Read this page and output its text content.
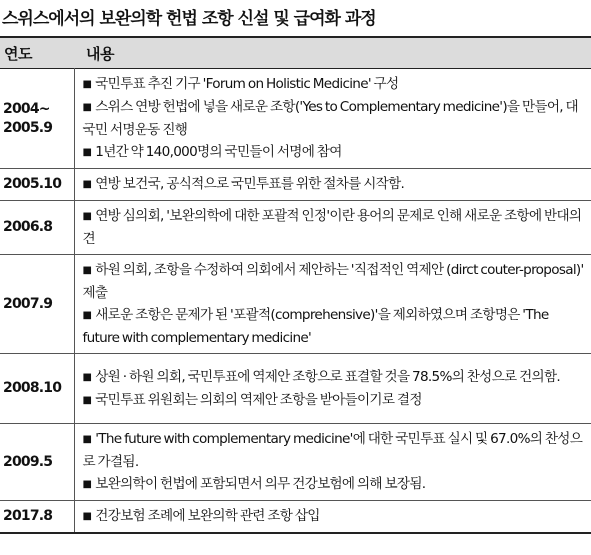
스위스에서의 보완의학 헌법 조항 신설 및 급여화 과정
연도	내용

2004~
2005.9	■ 국민투표 추진 기구 'Forum on Holistic Medicine' 구성
■ 스위스 연방 헌법에 넣을 새로운 조항('Yes to Complementary medicine')을 만들어, 대국민 서명운동 진행
■ 1년간 약 140,000명의 국민들이 서명에 참여

2005.10	■ 연방 보건국, 공식적으로 국민투표를 위한 절차를 시작함.

2006.8	■ 연방 심의회, '보완의학에 대한 포괄적 인정'이란 용어의 문제로 인해 새로운 조항에 반대의견

2007.9	■ 하원 의회, 조항을 수정하여 의회에서 제안하는 '직접적인 역제안 (dirct couter-proposal)' 제출
■ 새로운 조항은 문제가 된 '포괄적(comprehensive)'을 제외하였으며 조항명은 'The future with complementary medicine'

2008.10	■ 상원 · 하원 의회, 국민투표에 역제안 조항으로 표결할 것을 78.5%의 찬성으로 건의함.
■ 국민투표 위원회는 의회의 역제안 조항을 받아들이기로 결정

2009.5	■ 'The future with complementary medicine'에 대한 국민투표 실시 및 67.0%의 찬성으로 가결됨.
■ 보완의학이 헌법에 포함되면서 의무 건강보험에 의해 보장됨.

2017.8	■ 건강보험 조례에 보완의학 관련 조항 삽입
